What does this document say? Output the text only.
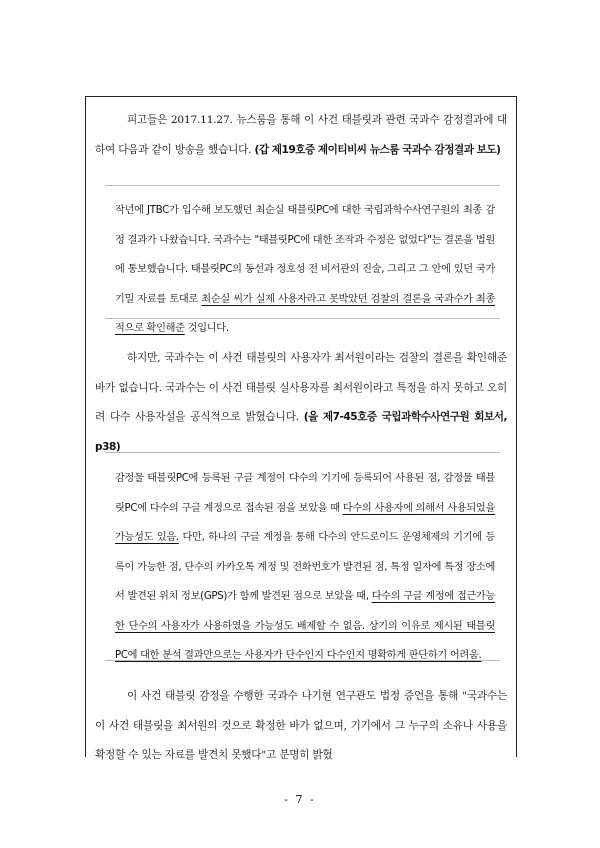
피고들은 2017.11.27. 뉴스룸을 통해 이 사건 태블릿과 관련 국과수 감정결과에 대하여 다음과 같이 방송을 했습니다. (갑 제19호증 제이티비씨 뉴스룸 국과수 감정결과 보도)

작년에 JTBC가 입수해 보도했던 최순실 태블릿PC에 대한 국립과학수사연구원의 최종 감정 결과가 나왔습니다. 국과수는 "태블릿PC에 대한 조작과 수정은 없었다"는 결론을 법원에 통보했습니다. 태블릿PC의 동선과 정호성 전 비서관의 진술, 그리고 그 안에 있던 국가 기밀 자료를 토대로 최순실 씨가 실제 사용자라고 못박았던 검찰의 결론을 국과수가 최종적으로 확인해준 것입니다.

하지만, 국과수는 이 사건 태블릿의 사용자가 최서원이라는 검찰의 결론을 확인해준 바가 없습니다. 국과수는 이 사건 태블릿 실사용자를 최서원이라고 특정을 하지 못하고 오히려 다수 사용자설을 공식적으로 밝혔습니다. (을 제7-45호증 국립과학수사연구원 회보서, p38)

감정물 태블릿PC에 등록된 구글 계정이 다수의 기기에 등록되어 사용된 점, 감정물 태블릿PC에 다수의 구글 계정으로 접속된 점을 보았을 때 다수의 사용자에 의해서 사용되었을 가능성도 있음. 다만, 하나의 구글 계정을 통해 다수의 안드로이드 운영체제의 기기에 등록이 가능한 점, 단수의 카카오톡 계정 및 전화번호가 발견된 점, 특정 일자에 특정 장소에서 발견된 위치 정보(GPS)가 함께 발견된 점으로 보았을 때, 다수의 구글 계정에 접근가능한 단수의 사용자가 사용하였을 가능성도 배제할 수 없음. 상기의 이유로 제시된 태블릿PC에 대한 분석 결과만으로는 사용자가 단수인지 다수인지 명확하게 판단하기 어려움.

이 사건 태블릿 감정을 수행한 국과수 나기현 연구관도 법정 증언을 통해 "국과수는 이 사건 태블릿을 최서원의 것으로 확정한 바가 없으며, 기기에서 그 누구의 소유나 사용을 확정할 수 있는 자료를 발견치 못했다"고 분명히 밝혔

- 7 -
